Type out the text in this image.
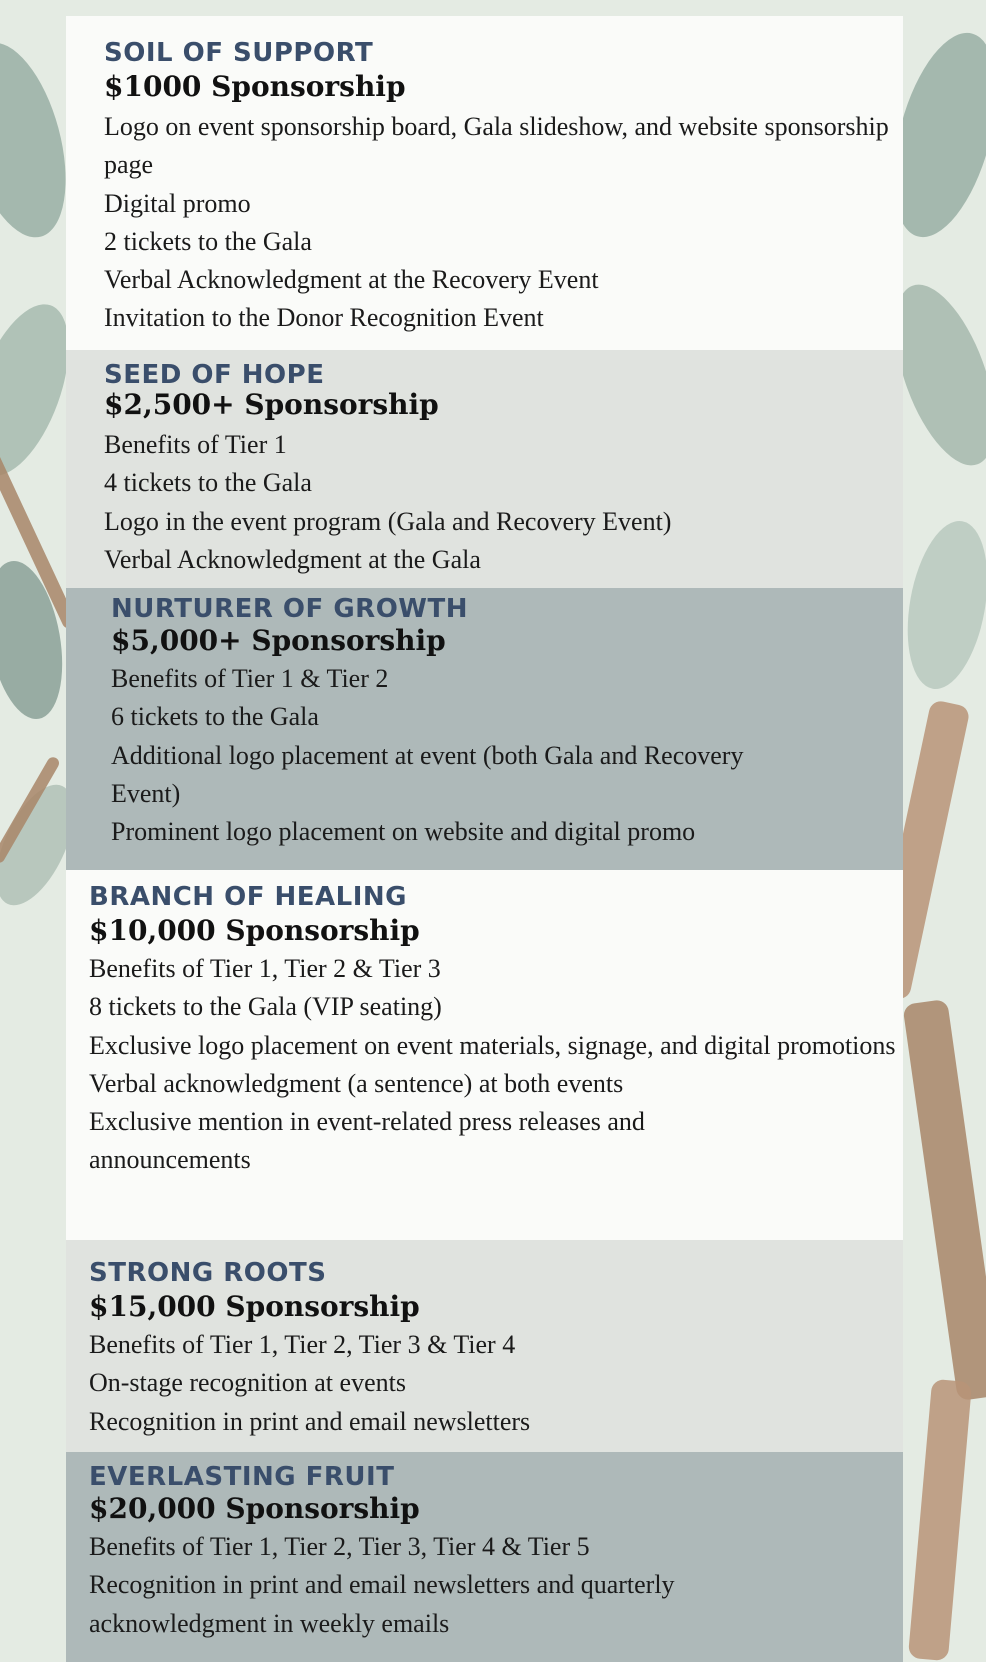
SOIL OF SUPPORT
$1000 Sponsorship
Logo on event sponsorship board, Gala slideshow, and website sponsorship page
Digital promo
2 tickets to the Gala
Verbal Acknowledgment at the Recovery Event
Invitation to the Donor Recognition Event
SEED OF HOPE
$2,500+ Sponsorship
Benefits of Tier 1
4 tickets to the Gala
Logo in the event program (Gala and Recovery Event)
Verbal Acknowledgment at the Gala
NURTURER OF GROWTH
$5,000+ Sponsorship
Benefits of Tier 1 & Tier 2
6 tickets to the Gala
Additional logo placement at event (both Gala and Recovery Event)
Prominent logo placement on website and digital promo
BRANCH OF HEALING
$10,000 Sponsorship
Benefits of Tier 1, Tier 2 & Tier 3
8 tickets to the Gala (VIP seating)
Exclusive logo placement on event materials, signage, and digital promotions
Verbal acknowledgment (a sentence) at both events
Exclusive mention in event-related press releases and announcements
STRONG ROOTS
$15,000 Sponsorship
Benefits of Tier 1, Tier 2, Tier 3 & Tier 4
On-stage recognition at events
Recognition in print and email newsletters
EVERLASTING FRUIT
$20,000 Sponsorship
Benefits of Tier 1, Tier 2, Tier 3, Tier 4 & Tier 5
Recognition in print and email newsletters and quarterly acknowledgment in weekly emails
